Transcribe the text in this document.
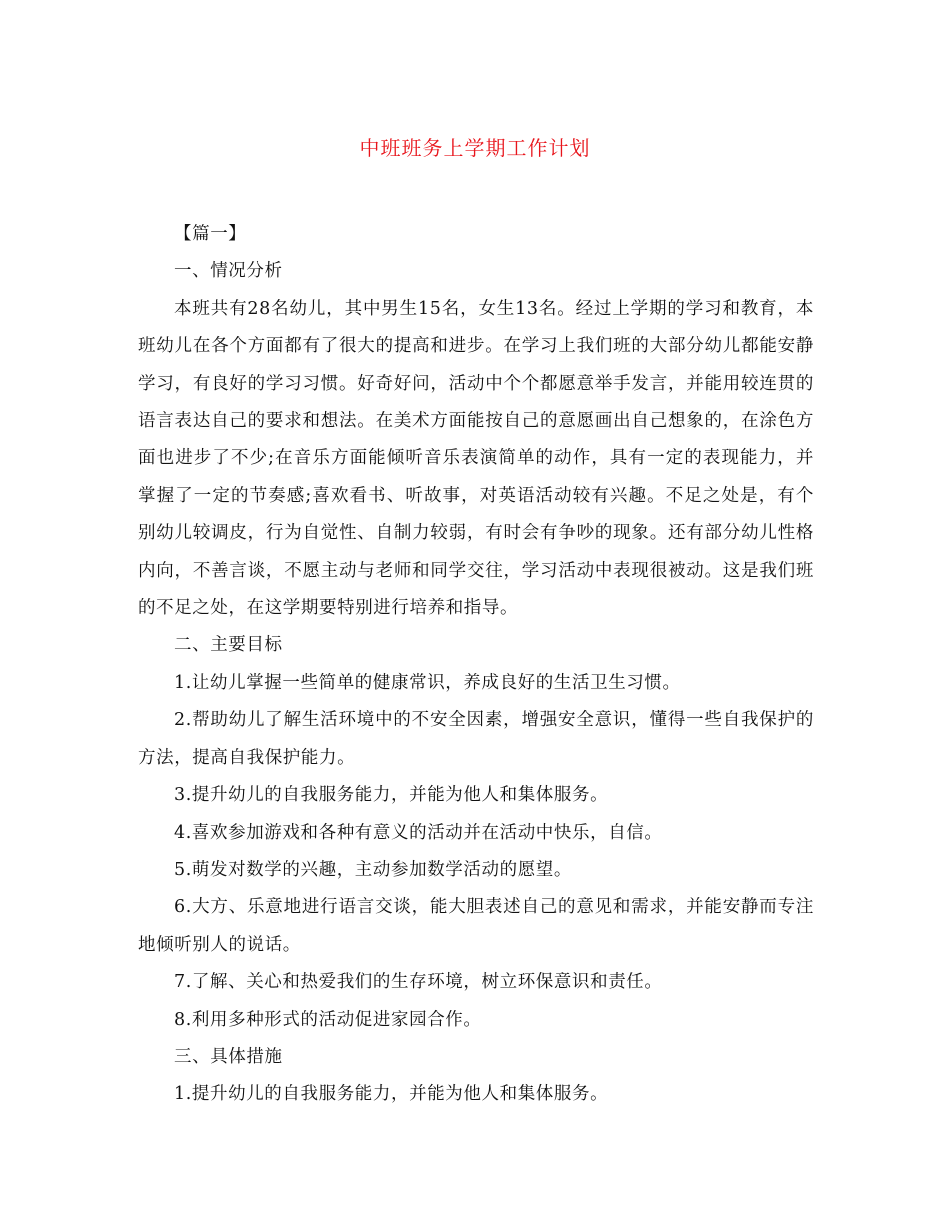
中班班务上学期工作计划

【篇一】

一、情况分析

本班共有28名幼儿，其中男生15名，女生13名。经过上学期的学习和教育，本班幼儿在各个方面都有了很大的提高和进步。在学习上我们班的大部分幼儿都能安静学习，有良好的学习习惯。好奇好问，活动中个个都愿意举手发言，并能用较连贯的语言表达自己的要求和想法。在美术方面能按自己的意愿画出自己想象的，在涂色方面也进步了不少;在音乐方面能倾听音乐表演简单的动作，具有一定的表现能力，并掌握了一定的节奏感;喜欢看书、听故事，对英语活动较有兴趣。不足之处是，有个别幼儿较调皮，行为自觉性、自制力较弱，有时会有争吵的现象。还有部分幼儿性格内向，不善言谈，不愿主动与老师和同学交往，学习活动中表现很被动。这是我们班的不足之处，在这学期要特别进行培养和指导。

二、主要目标

1.让幼儿掌握一些简单的健康常识，养成良好的生活卫生习惯。

2.帮助幼儿了解生活环境中的不安全因素，增强安全意识，懂得一些自我保护的方法，提高自我保护能力。

3.提升幼儿的自我服务能力，并能为他人和集体服务。

4.喜欢参加游戏和各种有意义的活动并在活动中快乐，自信。

5.萌发对数学的兴趣，主动参加数学活动的愿望。

6.大方、乐意地进行语言交谈，能大胆表述自己的意见和需求，并能安静而专注地倾听别人的说话。

7.了解、关心和热爱我们的生存环境，树立环保意识和责任。

8.利用多种形式的活动促进家园合作。

三、具体措施

1.提升幼儿的自我服务能力，并能为他人和集体服务。
